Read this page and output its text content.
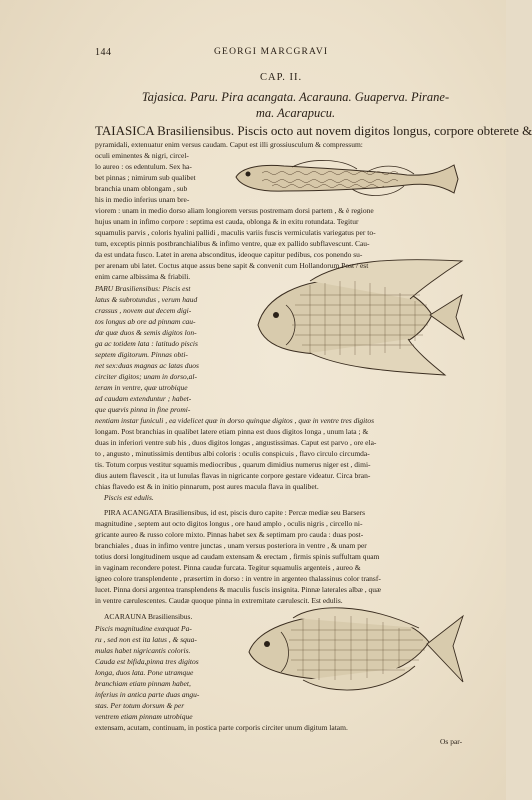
144	GEORGI MARCGRAVI
CAP. II.
Tajasica. Paru. Pira acangata. Acarauna. Guaperva. Pirane-
ma. Acarapucu.
TAIASICA Brasiliensibus. Piscis octo aut novem digitos longus, corpore obterete &
pyramidali, extenuatur enim versus caudam. Caput est illi grossiusculum & compressum:
oculi eminentes & nigri, circel-
lo aureo : os edentulum. Sex ha-
bet pinnas ; nimirum sub qualibet
branchia unam oblongam , sub
his in medio inferius unam bre-
viorem : unam in medio dorso aliam longiorem versus postremam dorsi partem , & è regione
hujus unam in infimo corpore : septima est cauda, oblonga & in exitu rotundata. Tegitur
squamulis parvis , coloris hyalini pallidi , maculis variis fuscis vermiculatis variegatus per to-
tum, exceptis pinnis postbranchialibus & infimo ventre, quæ ex pallido subflavescunt. Cau-
da est undata fusco. Latet in arena absconditus, ideoque capitur pedibus, cos ponendo su-
per arenam ubi latet. Coctus atque assus bene sapit & convenit cum Hollandorum Post / est
enim carne albissima & friabili.
PARU Brasiliensibus: Piscis est
latus & subrotundus , verum haud
crassus , novem aut decem digi-
tos longus ab ore ad pinnam cau-
dæ quæ duos & semis digitos lon-
ga ac totidem lata : latitudo piscis
septem digitorum. Pinnas obti-
net sex:duas magnas ac latas duos
circiter digitos; unam in dorso,al-
teram in ventre, quæ utrobique
ad caudam extenduntur ; habet-
que quævis pinna in fine promi-
nentiam instar funiculi , ea videlicet quæ in dorso quinque digitos , quæ in ventre tres digitos
longam. Post branchias in qualibet latere etiam pinna est duos digitos longa , unum lata ; &
duas in inferiori ventre sub his , duos digitos longas , angustissimas. Caput est parvo , ore ela-
to , angusto , minutissimis dentibus albi coloris : oculis conspicuis , flavo circulo circumda-
tis. Totum corpus vestitur squamis mediocribus , quarum dimidius numerus niger est , dimi-
dius autem flavescit , ita ut lunulas flavas in nigricante corpore gestare videatur. Circa bran-
chias flavedo est & in initio pinnarum, post aures macula flava in qualibet.
Piscis est edulis.
PIRA ACANGATA Brasiliensibus, id est, piscis duro capite : Percæ mediæ seu Barsers
magnitudine , septem aut octo digitos longus , ore haud amplo , oculis nigris , circello ni-
gricante aureo & russo colore mixto. Pinnas habet sex & septimam pro cauda : duas post-
branchiales , duas in infimo ventre junctas , unam versus posteriora in ventre , & unam per
totius dorsi longitudinem usque ad caudam extensam & erectam , firmis spinis suffultam quam
in vaginam recondere potest. Pinna caudæ furcata. Tegitur squamulis argenteis , aureo &
igneo colore transplendente , præsertim in dorso : in ventre in argenteo thalassinus color transf-
lucet. Pinna dorsi argentea transplendens & maculis fuscis insignita. Pinnæ laterales albæ , quæ
in ventre cærulescentes. Caudæ quoque pinna in extremitate cærulescit. Est edulis.
ACARAUNA Brasiliensibus.
Piscis magnitudine exæquat Pa-
ru , sed non est ita latus , & squa-
mulas habet nigricantis coloris.
Cauda est bifida,pinna tres digitos
longa, duos lata. Pone utramque
branchiam etiam pinnam habet,
inferius in antica parte duas angu-
stas. Per totum dorsum & per
ventrem etiam pinnam utrobique
extensam, acutam, continuam, in postica parte corporis circiter unum digitum latam.
Os par-
